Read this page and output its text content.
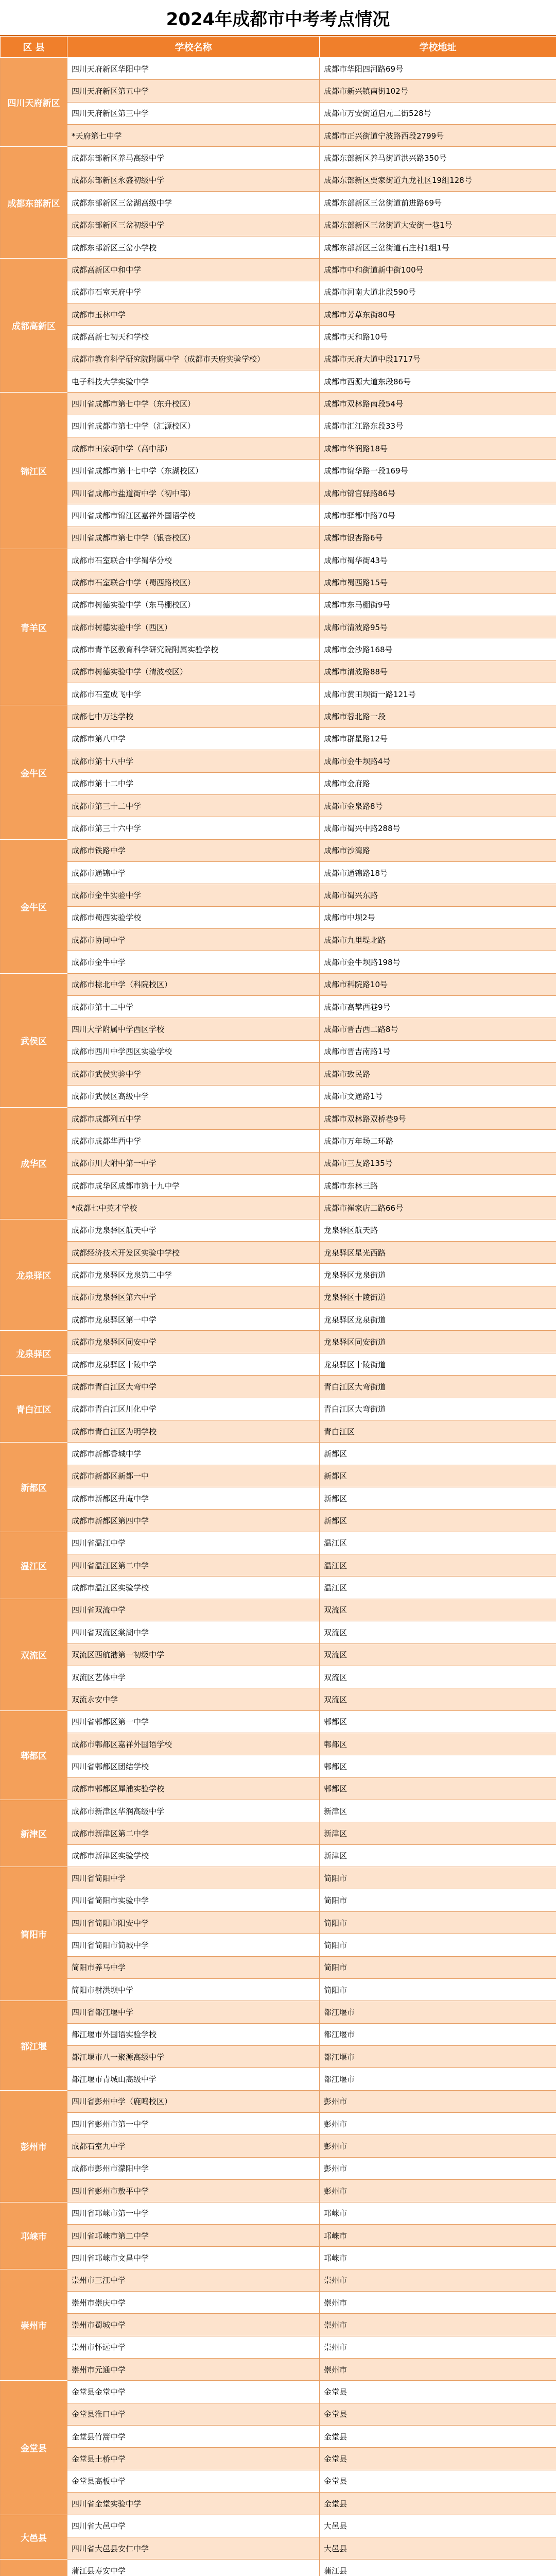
2024年成都市中考考点情况
区 县	学校名称	学校地址
四川天府新区	四川天府新区华阳中学	成都市华阳四河路69号
	四川天府新区第五中学	成都市新兴镇南街102号
	四川天府新区第三中学	成都市万安街道启元二街528号
	*天府第七中学	成都市正兴街道宁波路西段2799号
成都东部新区	成都东部新区养马高级中学	成都东部新区养马街道洪兴路350号
	成都东部新区永盛初级中学	成都东部新区贾家街道九龙社区19组128号
	成都东部新区三岔湖高级中学	成都东部新区三岔街道前进路69号
	成都东部新区三岔初级中学	成都东部新区三岔街道大安街一巷1号
	成都东部新区三岔小学校	成都东部新区三岔街道石庄村1组1号
成都高新区	成都高新区中和中学	成都市中和街道新中街100号
	成都市石室天府中学	成都市河南大道北段590号
	成都市玉林中学	成都市芳草东街80号
	成都高新七初天和学校	成都市天和路10号
	成都市教育科学研究院附属中学（成都市天府实验学校）	成都市天府大道中段1717号
	电子科技大学实验中学	成都市西源大道东段86号
锦江区	四川省成都市第七中学（东升校区）	成都市双林路南段54号
	四川省成都市第七中学（汇源校区）	成都市汇江路东段33号
	成都市田家炳中学（高中部）	成都市华润路18号
	四川省成都市第十七中学（东湖校区）	成都市锦华路一段169号
	四川省成都市盐道街中学（初中部）	成都市锦官驿路86号
	四川省成都市锦江区嘉祥外国语学校	成都市驿都中路70号
	四川省成都市第七中学（银杏校区）	成都市银杏路6号
青羊区	成都市石室联合中学蜀华分校	成都市蜀华街43号
	成都市石室联合中学（蜀西路校区）	成都市蜀西路15号
	成都市树德实验中学（东马棚校区）	成都市东马棚街9号
	成都市树德实验中学（西区）	成都市清波路95号
	成都市青羊区教育科学研究院附属实验学校	成都市金沙路168号
	成都市树德实验中学（清波校区）	成都市清波路88号
	成都市石室成飞中学	成都市黄田坝街一路121号
金牛区	成都七中万达学校	成都市蓉北路一段
	成都市第八中学	成都市群星路12号
	成都市第十八中学	成都市金牛坝路4号
	成都市第十二中学	成都市金府路
	成都市第三十二中学	成都市金泉路8号
	成都市第三十六中学	成都市蜀兴中路288号
金牛区	成都市铁路中学	成都市沙湾路
	成都市通锦中学	成都市通锦路18号
	成都市金牛实验中学	成都市蜀兴东路
	成都市蜀西实验学校	成都市中坝2号
	成都市协同中学	成都市九里堤北路
	成都市金牛中学	成都市金牛坝路198号
武侯区	成都市棕北中学（科院校区）	成都市科院路10号
	成都市第十二中学	成都市高攀西巷9号
	四川大学附属中学西区学校	成都市晋吉西二路8号
	成都市西川中学西区实验学校	成都市晋吉南路1号
	成都市武侯实验中学	成都市致民路
	成都市武侯区高级中学	成都市文通路1号
成华区	成都市成都列五中学	成都市双林路双桥巷9号
	成都市成都华西中学	成都市万年场二环路
	成都市川大附中第一中学	成都市三友路135号
	成都市成华区成都市第十九中学	成都市东林三路
	*成都七中英才学校	成都市崔家店二路66号
龙泉驿区	成都市龙泉驿区航天中学	龙泉驿区航天路
	成都经济技术开发区实验中学校	龙泉驿区星光西路
	成都市龙泉驿区龙泉第二中学	龙泉驿区龙泉街道
	成都市龙泉驿区第六中学	龙泉驿区十陵街道
	成都市龙泉驿区第一中学	龙泉驿区龙泉街道
龙泉驿区	成都市龙泉驿区同安中学	龙泉驿区同安街道
	成都市龙泉驿区十陵中学	龙泉驿区十陵街道
青白江区	成都市青白江区大弯中学	青白江区大弯街道
	成都市青白江区川化中学	青白江区大弯街道
	成都市青白江区为明学校	青白江区
新都区	成都市新都香城中学	新都区
	成都市新都区新都一中	新都区
	成都市新都区升庵中学	新都区
	成都市新都区第四中学	新都区
温江区	四川省温江中学	温江区
	四川省温江区第二中学	温江区
	成都市温江区实验学校	温江区
双流区	四川省双流中学	双流区
	四川省双流区棠湖中学	双流区
	双流区西航港第一初级中学	双流区
	双流区艺体中学	双流区
	双流永安中学	双流区
郫都区	四川省郫都区第一中学	郫都区
	成都市郫都区嘉祥外国语学校	郫都区
	四川省郫都区团结学校	郫都区
	成都市郫都区犀浦实验学校	郫都区
新津区	成都市新津区华润高级中学	新津区
	成都市新津区第二中学	新津区
	成都市新津区实验学校	新津区
简阳市	四川省简阳中学	简阳市
	四川省简阳市实验中学	简阳市
	四川省简阳市阳安中学	简阳市
	四川省简阳市简城中学	简阳市
	简阳市养马中学	简阳市
	简阳市射洪坝中学	简阳市
都江堰	四川省都江堰中学	都江堰市
	都江堰市外国语实验学校	都江堰市
	都江堰市八一聚源高级中学	都江堰市
	都江堰市青城山高级中学	都江堰市
彭州市	四川省彭州中学（鹿鸣校区）	彭州市
	四川省彭州市第一中学	彭州市
	成都石室九中学	彭州市
	成都市彭州市濛阳中学	彭州市
	四川省彭州市敖平中学	彭州市
邛崃市	四川省邛崃市第一中学	邛崃市
	四川省邛崃市第二中学	邛崃市
	四川省邛崃市文昌中学	邛崃市
崇州市	崇州市三江中学	崇州市
	崇州市崇庆中学	崇州市
	崇州市蜀城中学	崇州市
	崇州市怀远中学	崇州市
	崇州市元通中学	崇州市
金堂县	金堂县金堂中学	金堂县
	金堂县淮口中学	金堂县
	金堂县竹篙中学	金堂县
	金堂县土桥中学	金堂县
	金堂县高板中学	金堂县
	四川省金堂实验中学	金堂县
大邑县	四川省大邑中学	大邑县
	四川省大邑县安仁中学	大邑县
	蒲江县寿安中学	蒲江县
